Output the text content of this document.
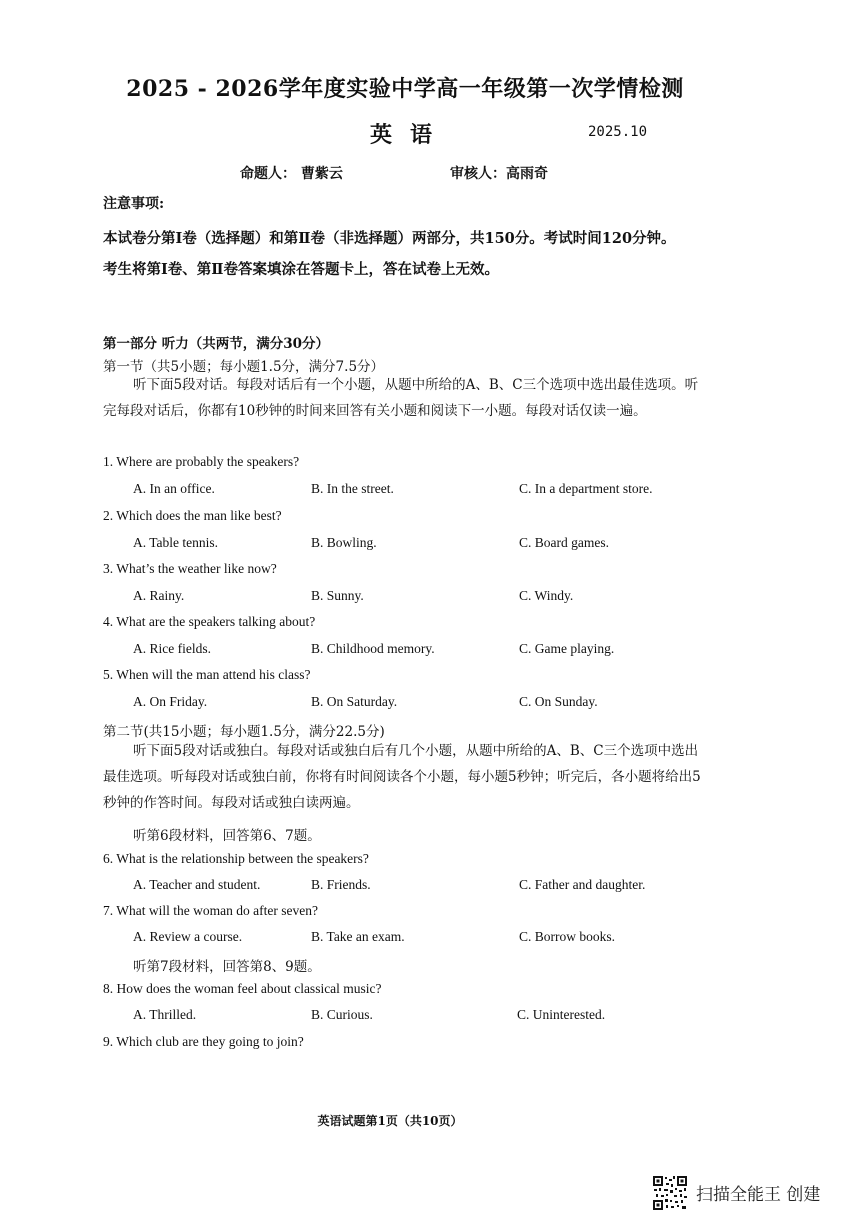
2025 - 2026学年度实验中学高一年级第一次学情检测
英语	2025.10
命题人： 曹紫云	审核人：高雨奇
注意事项:
本试卷分第Ⅰ卷（选择题）和第Ⅱ卷（非选择题）两部分，共150分。考试时间120分钟。
考生将第Ⅰ卷、第Ⅱ卷答案填涂在答题卡上，答在试卷上无效。
第一部分 听力（共两节，满分30分）
第一节（共5小题；每小题1.5分，满分7.5分）
听下面5段对话。每段对话后有一个小题，从题中所给的A、B、C三个选项中选出最佳选项。听完每段对话后，你都有10秒钟的时间来回答有关小题和阅读下一小题。每段对话仅读一遍。
1. Where are probably the speakers?
A. In an office.	B. In the street.	C. In a department store.
2. Which does the man like best?
A. Table tennis.	B. Bowling.	C. Board games.
3. What’s the weather like now?
A. Rainy.	B. Sunny.	C. Windy.
4. What are the speakers talking about?
A. Rice fields.	B. Childhood memory.	C. Game playing.
5. When will the man attend his class?
A. On Friday.	B. On Saturday.	C. On Sunday.
第二节(共15小题；每小题1.5分，满分22.5分)
听下面5段对话或独白。每段对话或独白后有几个小题，从题中所给的A、B、C三个选项中选出最佳选项。听每段对话或独白前，你将有时间阅读各个小题，每小题5秒钟；听完后，各小题将给出5秒钟的作答时间。每段对话或独白读两遍。
听第6段材料，回答第6、7题。
6. What is the relationship between the speakers?
A. Teacher and student.	B. Friends.	C. Father and daughter.
7. What will the woman do after seven?
A. Review a course.	B. Take an exam.	C. Borrow books.
听第7段材料，回答第8、9题。
8. How does the woman feel about classical music?
A. Thrilled.	B. Curious.	C. Uninterested.
9. Which club are they going to join?
英语试题第1页（共10页）
扫描全能王 创建
